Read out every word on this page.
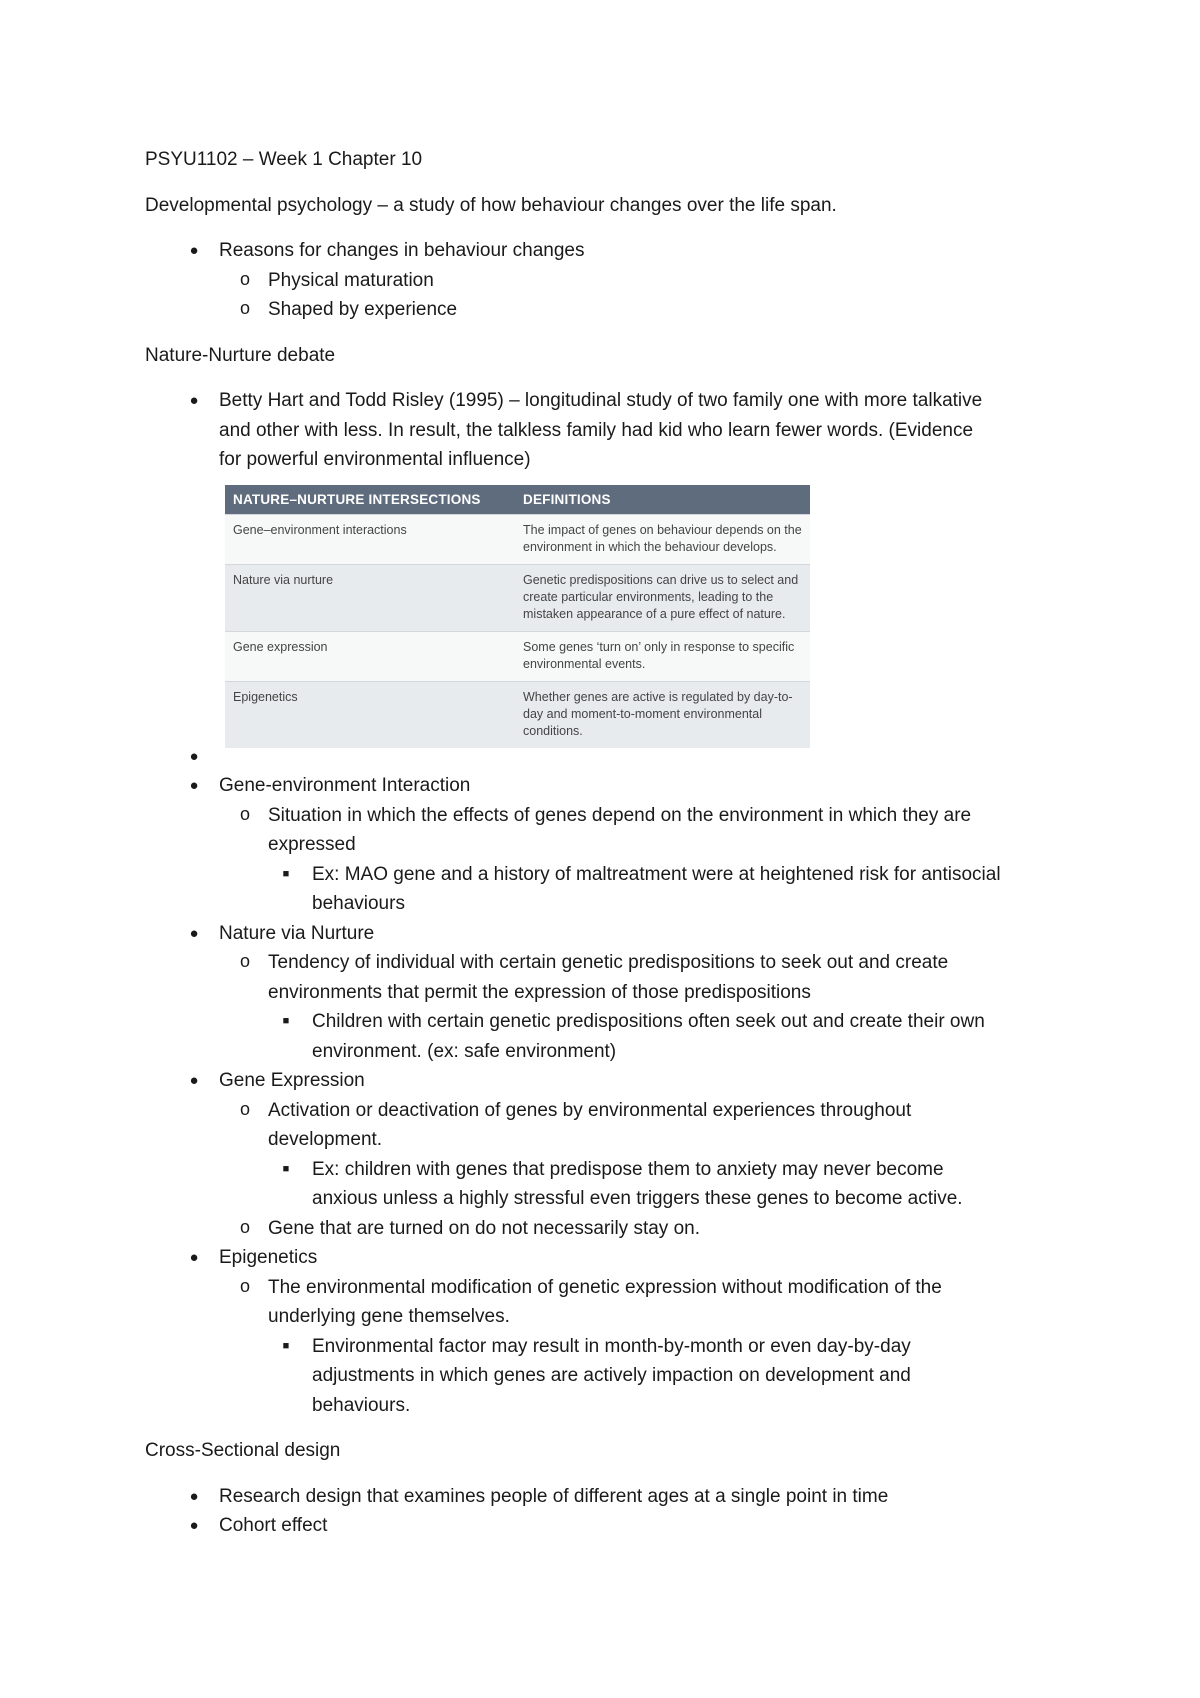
PSYU1102 – Week 1 Chapter 10
Developmental psychology – a study of how behaviour changes over the life span.
● Reasons for changes in behaviour changes
o Physical maturation
o Shaped by experience
Nature-Nurture debate
● Betty Hart and Todd Risley (1995) – longitudinal study of two family one with more talkative
and other with less. In result, the talkless family had kid who learn fewer words. (Evidence
for powerful environmental influence)
NATURE–NURTURE INTERSECTIONS	DEFINITIONS
Gene–environment interactions	The impact of genes on behaviour depends on the environment in which the behaviour develops.
Nature via nurture	Genetic predispositions can drive us to select and create particular environments, leading to the mistaken appearance of a pure effect of nature.
Gene expression	Some genes ‘turn on’ only in response to specific environmental events.
Epigenetics	Whether genes are active is regulated by day-to-day and moment-to-moment environmental conditions.
●

● Gene-environment Interaction
o Situation in which the effects of genes depend on the environment in which they are
expressed
■	Ex: MAO gene and a history of maltreatment were at heightened risk for antisocial
behaviours
● Nature via Nurture
o Tendency of individual with certain genetic predispositions to seek out and create
environments that permit the expression of those predispositions
■	Children with certain genetic predispositions often seek out and create their own
environment. (ex: safe environment)
● Gene Expression
o Activation or deactivation of genes by environmental experiences throughout
development.
■	Ex: children with genes that predispose them to anxiety may never become
anxious unless a highly stressful even triggers these genes to become active.
o Gene that are turned on do not necessarily stay on.
● Epigenetics
o The environmental modification of genetic expression without modification of the
underlying gene themselves.
■	Environmental factor may result in month-by-month or even day-by-day
adjustments in which genes are actively impaction on development and
behaviours.
Cross-Sectional design
● Research design that examines people of different ages at a single point in time
● Cohort effect
